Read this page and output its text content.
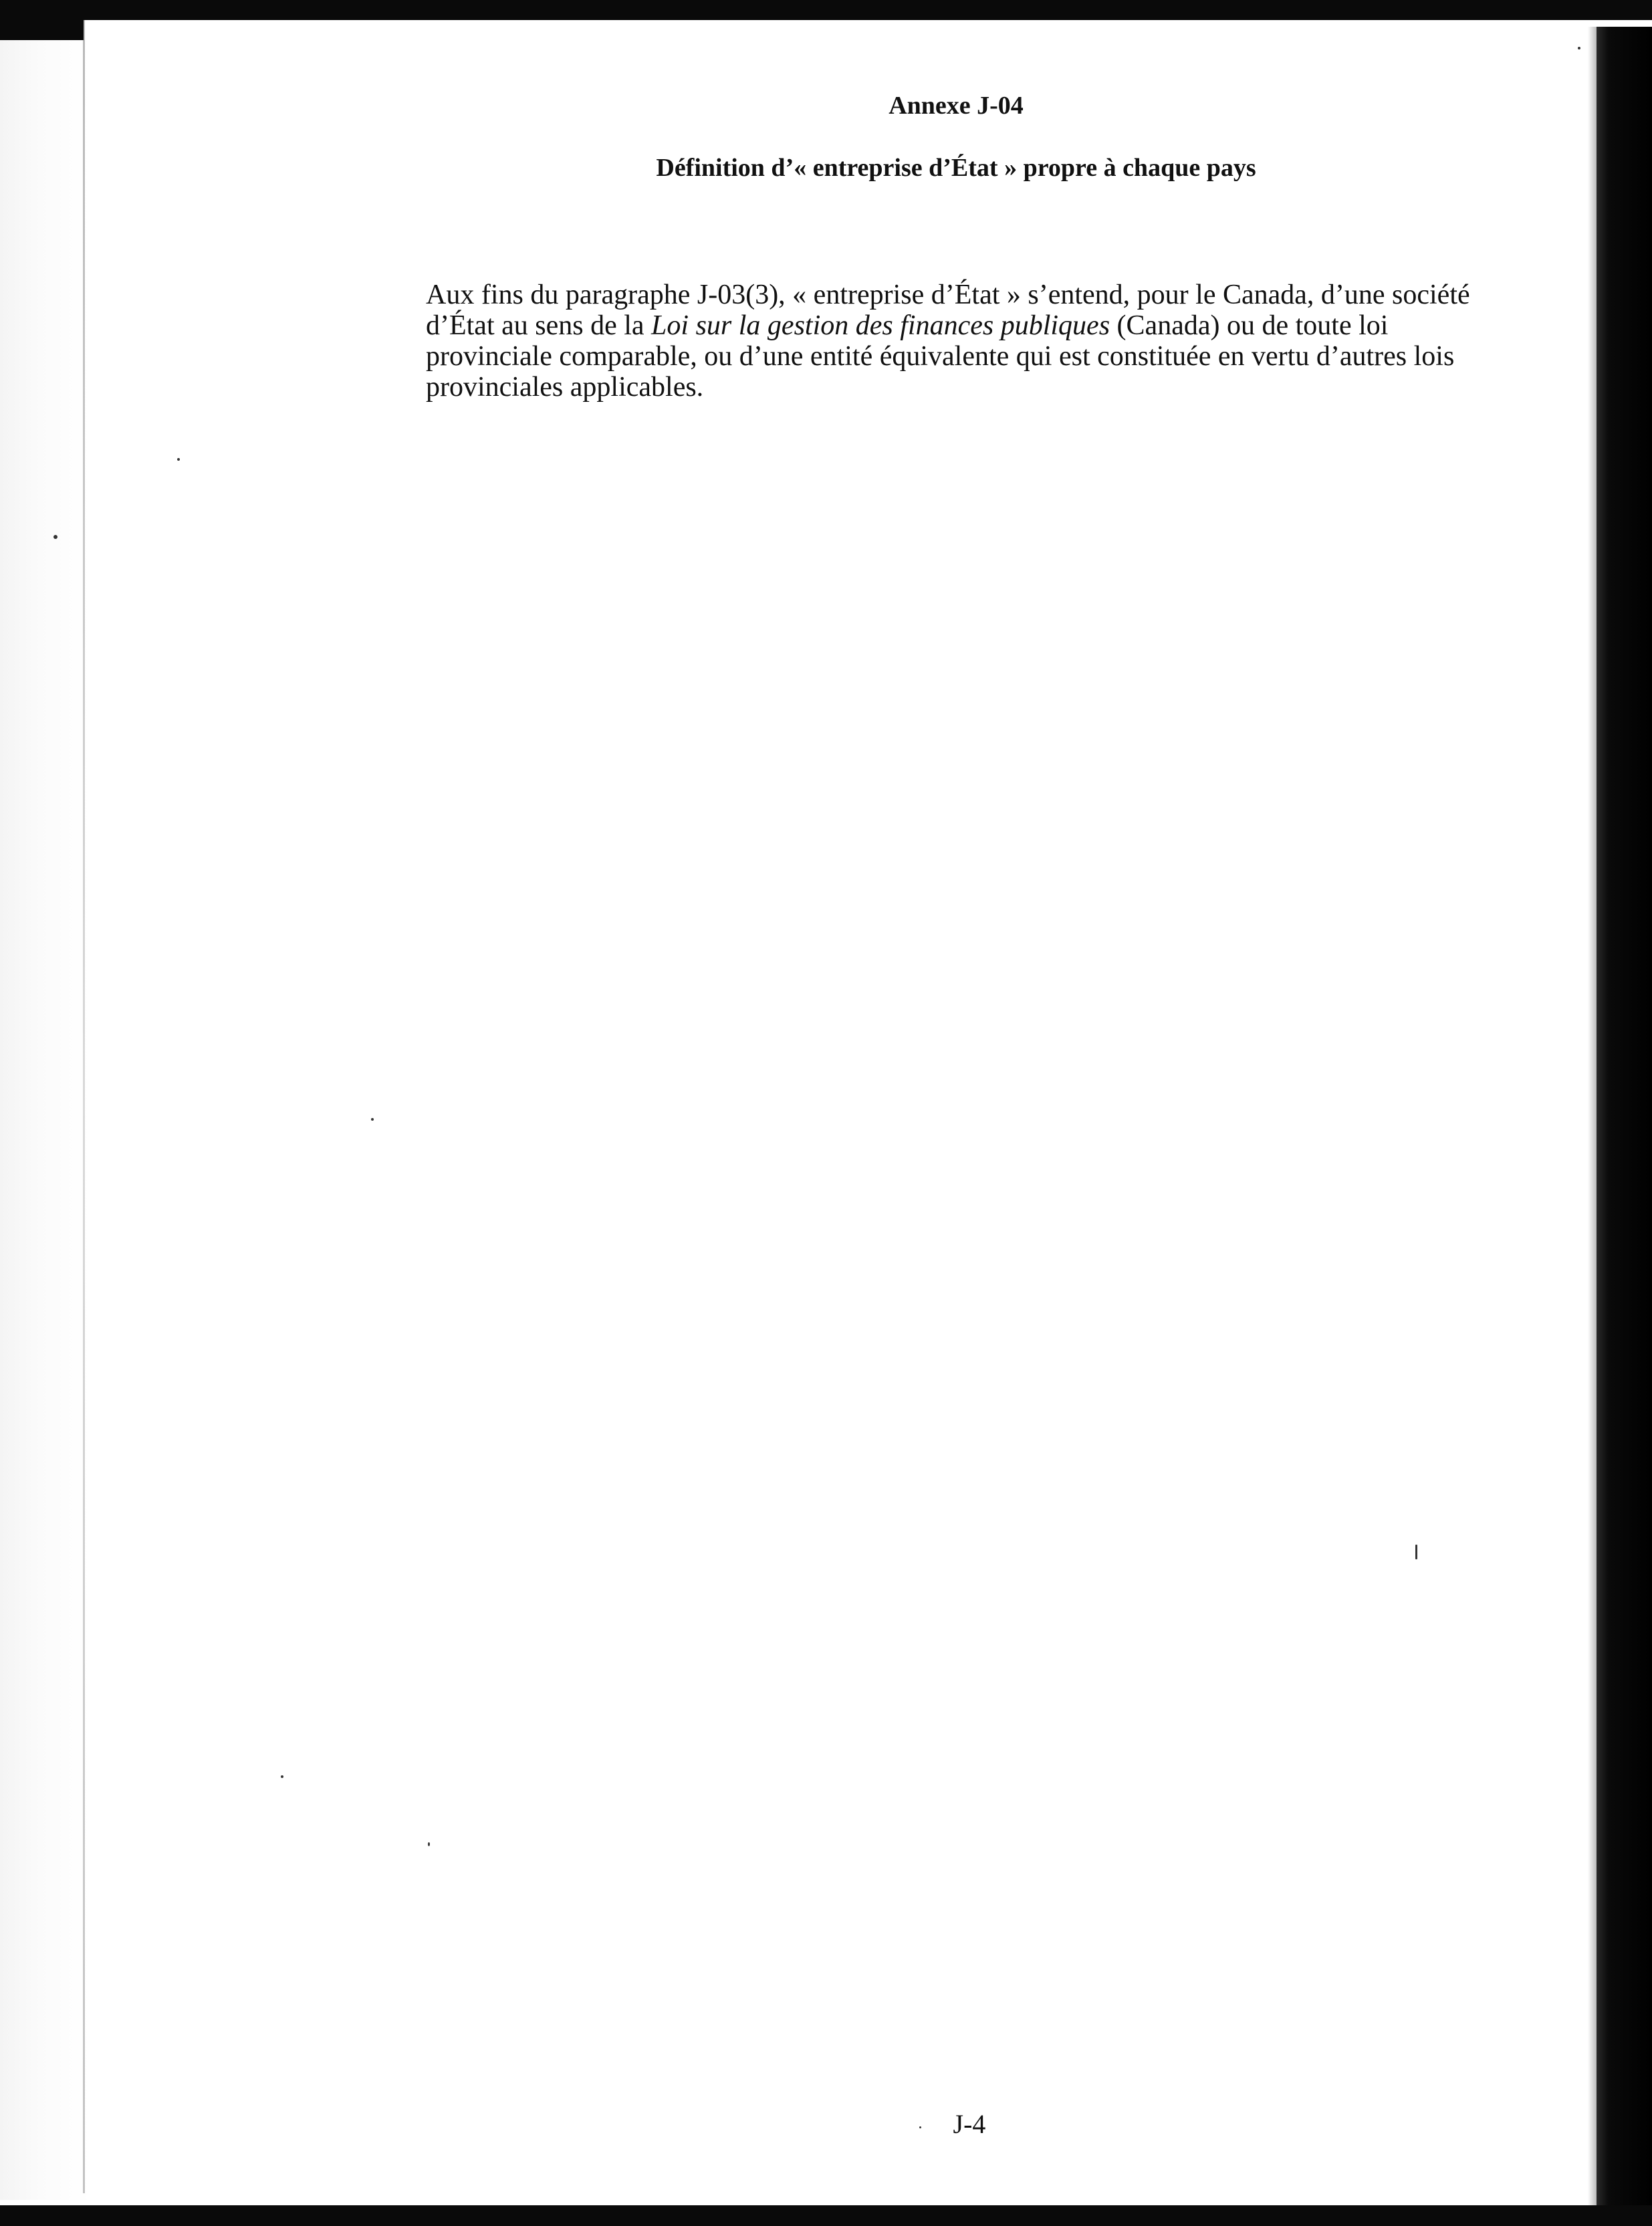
Annexe J-04
Définition d’« entreprise d’État » propre à chaque pays

Aux fins du paragraphe J-03(3), « entreprise d’État » s’entend, pour le Canada, d’une société d’État au sens de la Loi sur la gestion des finances publiques (Canada) ou de toute loi provinciale comparable, ou d’une entité équivalente qui est constituée en vertu d’autres lois provinciales applicables.

J-4
